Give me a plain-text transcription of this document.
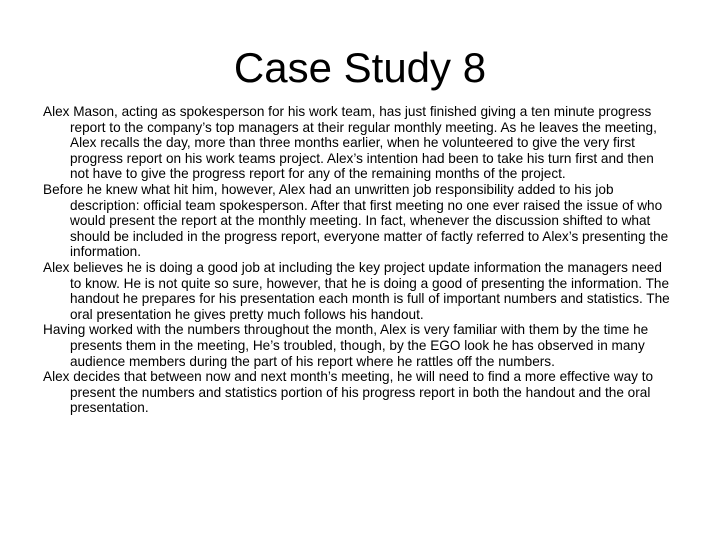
Case Study 8

Alex Mason, acting as spokesperson for his work team, has just finished giving a ten minute progress report to the company’s top managers at their regular monthly meeting. As he leaves the meeting, Alex recalls the day, more than three months earlier, when he volunteered to give the very first progress report on his work teams project. Alex’s intention had been to take his turn first and then not have to give the progress report for any of the remaining months of the project.

Before he knew what hit him, however, Alex had an unwritten job responsibility added to his job description: official team spokesperson. After that first meeting no one ever raised the issue of who would present the report at the monthly meeting. In fact, whenever the discussion shifted to what should be included in the progress report, everyone matter of factly referred to Alex’s presenting the information.

Alex believes he is doing a good job at including the key project update information the managers need to know. He is not quite so sure, however, that he is doing a good of presenting the information. The handout he prepares for his presentation each month is full of important numbers and statistics. The oral presentation he gives pretty much follows his handout.

Having worked with the numbers throughout the month, Alex is very familiar with them by the time he presents them in the meeting, He’s troubled, though, by the EGO look he has observed in many audience members during the part of his report where he rattles off the numbers.

Alex decides that between now and next month’s meeting, he will need to find a more effective way to present the numbers and statistics portion of his progress report in both the handout and the oral presentation.
